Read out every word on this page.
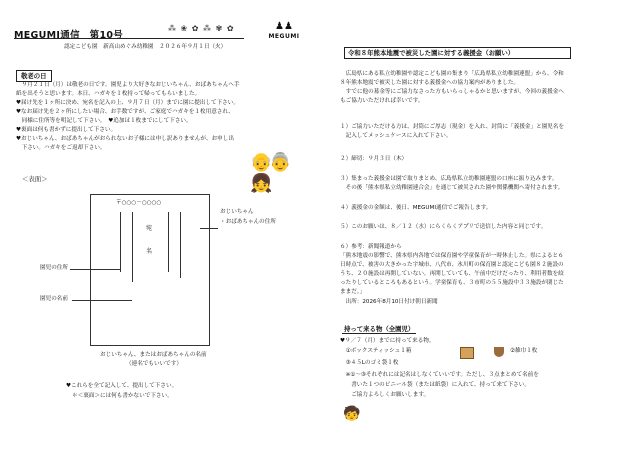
MEGUMI通信　第10号
⁂ ❀ ✿ ⁂ ✾ ✿	♟♟
MEGUMI
認定こども園　新高山めぐみ幼稚園　２０２６年９月１日（火）
敬老の日
　９月２１日（月）は敬老の日です。園児より大好きなおじいちゃん、おばあちゃんへ手
紙を出そうと思います。本日、ハガキを１枚持って帰ってもらいました。
♥届け先を１ヶ所に決め、宛名を記入の上、９月７日（月）までに園に提出して下さい。
♥なお届け先を２ヶ所にしたい場合、お手数ですが、ご家庭でハガキを１枚用意され、
　同様に住所等を明記して下さい。　♥追加は１枚までにして下さい。
♥裏面は何も書かずに提出して下さい。
♥おじいちゃん、おばあちゃんがおられないお子様には申し訳ありませんが、お申し出
　下さい。ハガキをご返却下さい。
👴👵👧
＜表面＞
〒○○○－○○○○
宛
名
おじいちゃん
・おばあちゃんの住所
園児の住所
園児の名前
おじいちゃん、またはおばあちゃんの名前
（連名でもいいです）
♥これらを全て記入して、提出して下さい。
＊＜裏面＞には何も書かないで下さい。
令和８年熊本地震で被災した園に対する義援金（お願い）
　広島県にある私立幼稚園や認定こども園の集まり「広島県私立幼稚園連盟」から、令和
８年熊本地震で被災した園に対する義援金への協力案内がありました。
　すでに他の募金等にご協力なさった方もいらっしゃるかと思いますが、今回の義援金へ
もご協力いただければ幸いです。
１）ご協力いただける方は、封筒にご厚志（現金）を入れ、封筒に「義援金」と園児名を
　記入してメッシュケースに入れて下さい。
２）締切：９月３日（木）
３）集まった義援金は園で取りまとめ、広島県私立幼稚園連盟の口座に振り込みます。
　その後「熊本県私立幼稚園連合会」を通じて被災された園や関係機関へ寄付されます。
４）義援金の金額は、後日、MEGUMI通信でご報告します。
５）このお願いは、８／１２（水）にらくらくアプリで送信した内容と同じです。
６）参考：新聞報道から
「熊本地震の影響で、熊本県内各地では保育園や学童保育が一時休止した。県によると６
日時点で、被害の大きかった宇城市、八代市、氷川町の保育園と認定こども園８２施設の
うち、２０施設は再開していない。再開していても、午前中だけだったり、利用者数を絞
ったりしているところもあるという。学童保育も、３市町の５５施設中３３施設が閉じた
ままだ。」
　出所：2026年8月10日付け朝日新聞
持って来る物（全園児）
♥９／７（月）までに持って来る物。
　①ボックスティッシュ１箱	②雑巾１枚
　③４５Lのゴミ袋１枚
　※①～③それぞれには記名はしなくていいです。ただし、３点まとめて名前を
　　書いた１つのビニール袋（または紙袋）に入れて、持って来て下さい。
　　ご協力よろしくお願いします。
🧒
